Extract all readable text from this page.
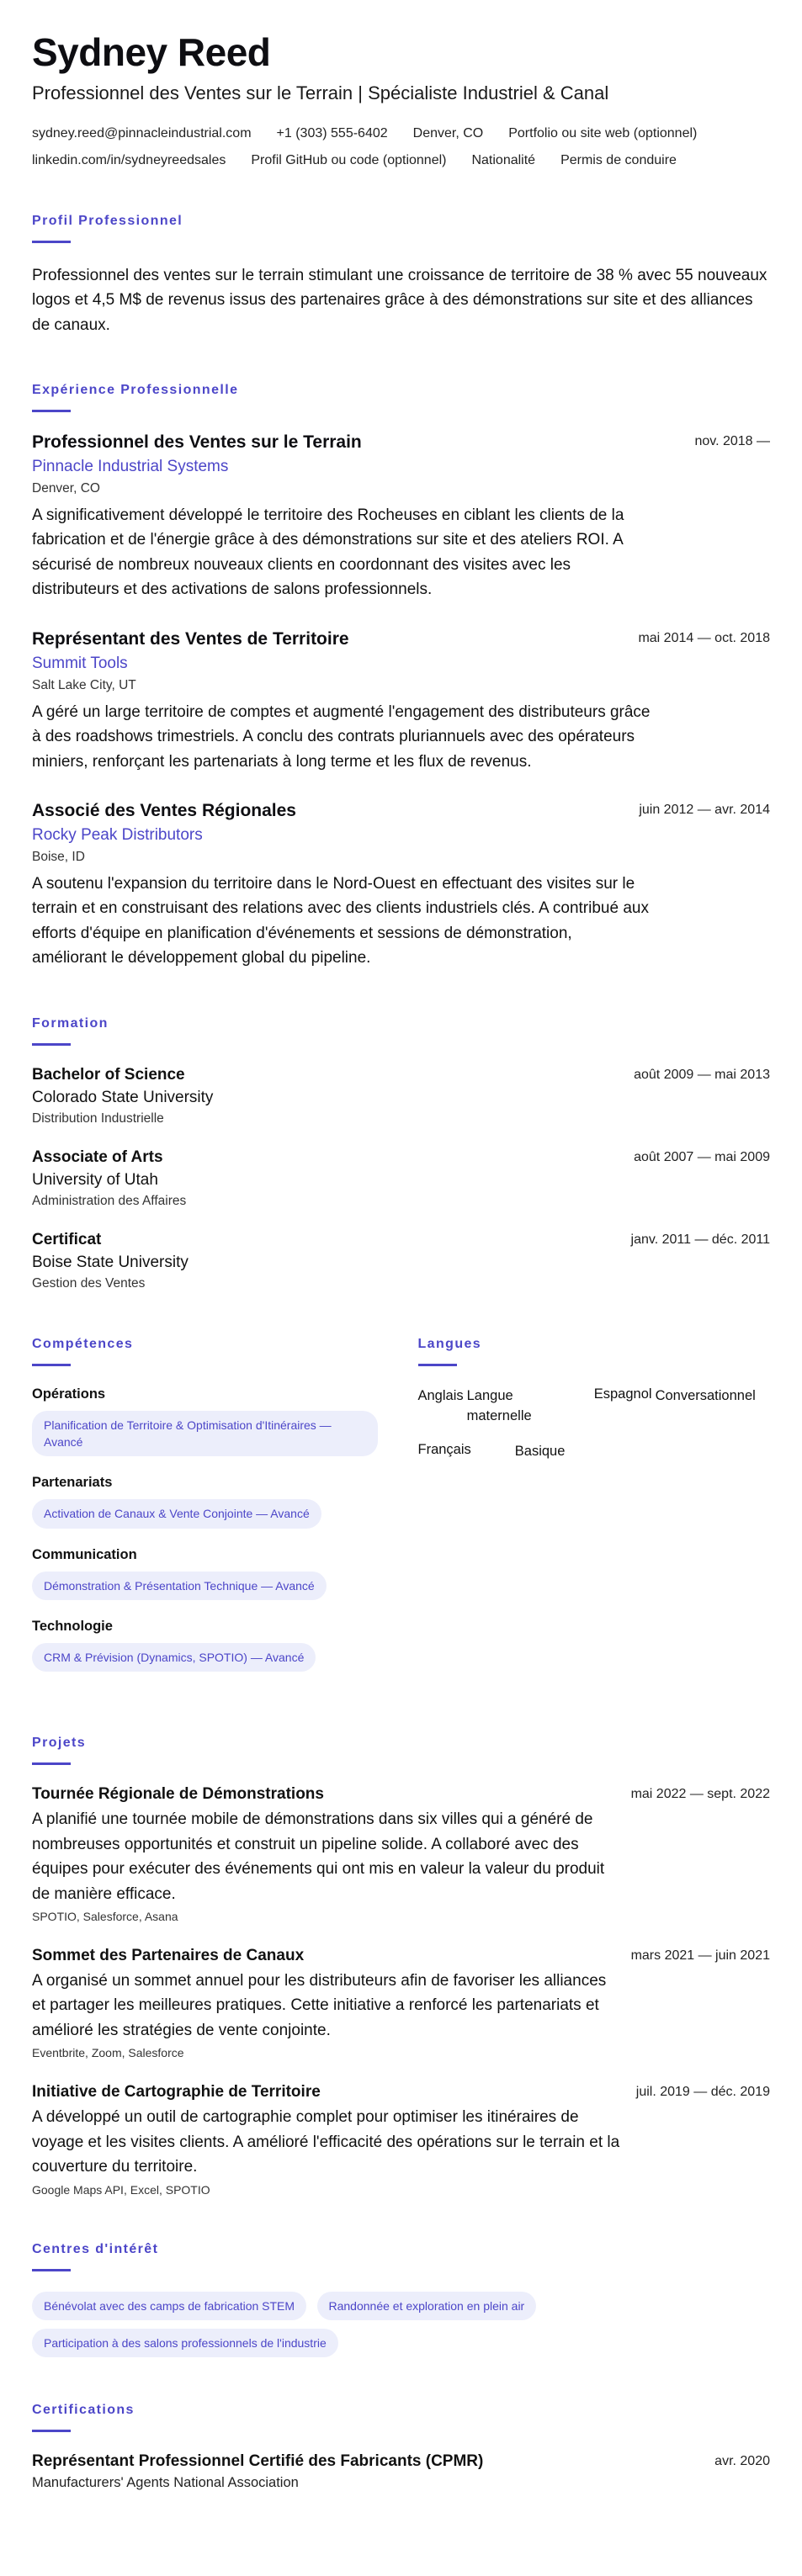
Sydney Reed
Professionnel des Ventes sur le Terrain | Spécialiste Industriel & Canal
sydney.reed@pinnacleindustrial.com +1 (303) 555-6402 Denver, CO Portfolio ou site web (optionnel)
linkedin.com/in/sydneyreedsales Profil GitHub ou code (optionnel) Nationalité Permis de conduire
Profil Professionnel
Professionnel des ventes sur le terrain stimulant une croissance de territoire de 38 % avec 55 nouveaux logos et 4,5 M$ de revenus issus des partenaires grâce à des démonstrations sur site et des alliances de canaux.
Expérience Professionnelle
nov. 2018 —
Professionnel des Ventes sur le Terrain
Pinnacle Industrial Systems
Denver, CO
A significativement développé le territoire des Rocheuses en ciblant les clients de la fabrication et de l'énergie grâce à des démonstrations sur site et des ateliers ROI. A sécurisé de nombreux nouveaux clients en coordonnant des visites avec les distributeurs et des activations de salons professionnels.
mai 2014 — oct. 2018
Représentant des Ventes de Territoire
Summit Tools
Salt Lake City, UT
A géré un large territoire de comptes et augmenté l'engagement des distributeurs grâce à des roadshows trimestriels. A conclu des contrats pluriannuels avec des opérateurs miniers, renforçant les partenariats à long terme et les flux de revenus.
juin 2012 — avr. 2014
Associé des Ventes Régionales
Rocky Peak Distributors
Boise, ID
A soutenu l'expansion du territoire dans le Nord-Ouest en effectuant des visites sur le terrain et en construisant des relations avec des clients industriels clés. A contribué aux efforts d'équipe en planification d'événements et sessions de démonstration, améliorant le développement global du pipeline.
Formation
août 2009 — mai 2013
Bachelor of Science
Colorado State University
Distribution Industrielle
août 2007 — mai 2009
Associate of Arts
University of Utah
Administration des Affaires
janv. 2011 — déc. 2011
Certificat
Boise State University
Gestion des Ventes
Compétences
Opérations
Planification de Territoire & Optimisation d'Itinéraires — Avancé
Partenariats
Activation de Canaux & Vente Conjointe — Avancé
Communication
Démonstration & Présentation Technique — Avancé
Technologie
CRM & Prévision (Dynamics, SPOTIO) — Avancé
Langues
Anglais Langue maternelle
Espagnol Conversationnel
Français	Basique
Projets
mai 2022 — sept. 2022
Tournée Régionale de Démonstrations
A planifié une tournée mobile de démonstrations dans six villes qui a généré de nombreuses opportunités et construit un pipeline solide. A collaboré avec des équipes pour exécuter des événements qui ont mis en valeur la valeur du produit de manière efficace.
SPOTIO, Salesforce, Asana
mars 2021 — juin 2021
Sommet des Partenaires de Canaux
A organisé un sommet annuel pour les distributeurs afin de favoriser les alliances et partager les meilleures pratiques. Cette initiative a renforcé les partenariats et amélioré les stratégies de vente conjointe.
Eventbrite, Zoom, Salesforce
juil. 2019 — déc. 2019
Initiative de Cartographie de Territoire
A développé un outil de cartographie complet pour optimiser les itinéraires de voyage et les visites clients. A amélioré l'efficacité des opérations sur le terrain et la couverture du territoire.
Google Maps API, Excel, SPOTIO
Centres d'intérêt
Bénévolat avec des camps de fabrication STEM	Randonnée et exploration en plein air Participation à des salons professionnels de l'industrie
Certifications
avr. 2020
Représentant Professionnel Certifié des Fabricants (CPMR)
Manufacturers' Agents National Association
